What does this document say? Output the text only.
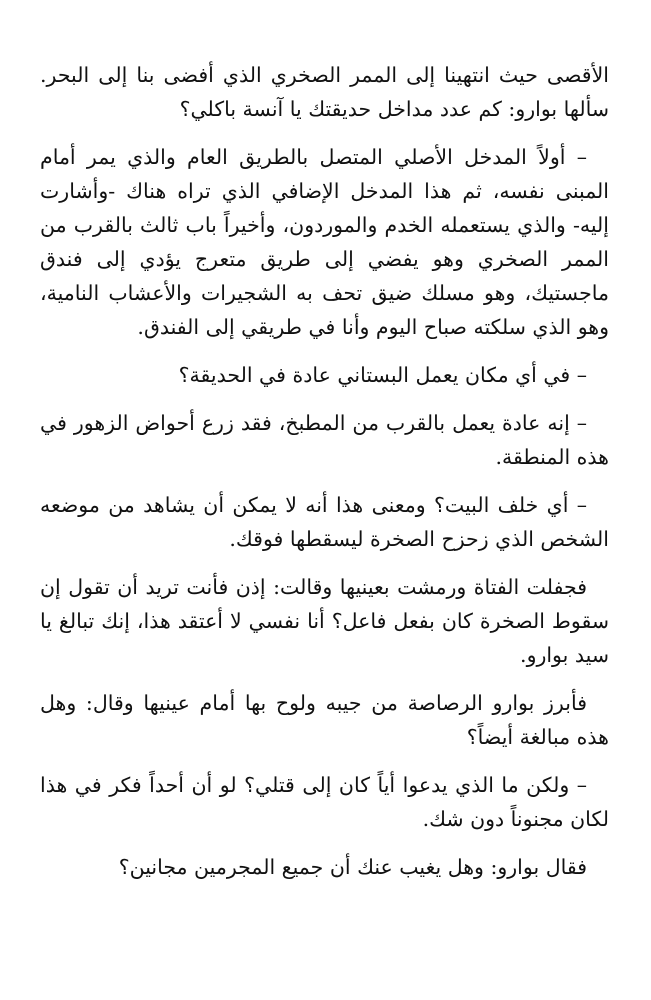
الأقصى حيث انتهينا إلى الممر الصخري الذي أفضى بنا إلى البحر. سألها بوارو: كم عدد مداخل حديقتك يا آنسة باكلي؟

– أولاً المدخل الأصلي المتصل بالطريق العام والذي يمر أمام المبنى نفسه، ثم هذا المدخل الإضافي الذي تراه هناك -وأشارت إليه- والذي يستعمله الخدم والموردون، وأخيراً باب ثالث بالقرب من الممر الصخري وهو يفضي إلى طريق متعرج يؤدي إلى فندق ماجستيك، وهو مسلك ضيق تحف به الشجيرات والأعشاب النامية، وهو الذي سلكته صباح اليوم وأنا في طريقي إلى الفندق.

– في أي مكان يعمل البستاني عادة في الحديقة؟

– إنه عادة يعمل بالقرب من المطبخ، فقد زرع أحواض الزهور في هذه المنطقة.

– أي خلف البيت؟ ومعنى هذا أنه لا يمكن أن يشاهد من موضعه الشخص الذي زحزح الصخرة ليسقطها فوقك.

فجفلت الفتاة ورمشت بعينيها وقالت: إذن فأنت تريد أن تقول إن سقوط الصخرة كان بفعل فاعل؟ أنا نفسي لا أعتقد هذا، إنك تبالغ يا سيد بوارو.

فأبرز بوارو الرصاصة من جيبه ولوح بها أمام عينيها وقال: وهل هذه مبالغة أيضاً؟

– ولكن ما الذي يدعوا أياً كان إلى قتلي؟ لو أن أحداً فكر في هذا لكان مجنوناً دون شك.

فقال بوارو: وهل يغيب عنك أن جميع المجرمين مجانين؟
